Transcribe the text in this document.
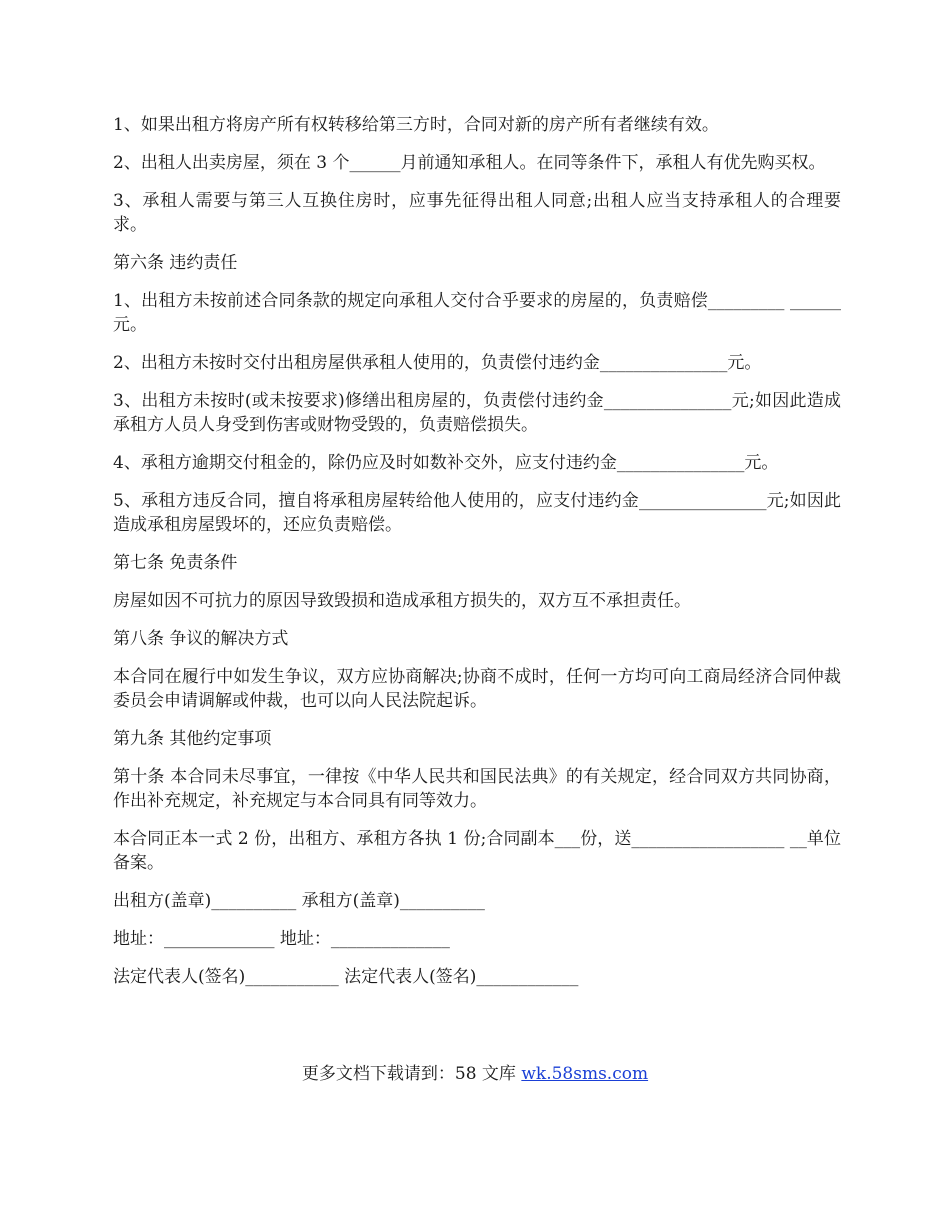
1、如果出租方将房产所有权转移给第三方时，合同对新的房产所有者继续有效。

2、出租人出卖房屋，须在 3 个______月前通知承租人。在同等条件下，承租人有优先购买权。

3、承租人需要与第三人互换住房时，应事先征得出租人同意;出租人应当支持承租人的合理要求。

第六条 违约责任

1、出租方未按前述合同条款的规定向承租人交付合乎要求的房屋的，负责赔偿_________ ______元。

2、出租方未按时交付出租房屋供承租人使用的，负责偿付违约金_______________元。

3、出租方未按时(或未按要求)修缮出租房屋的，负责偿付违约金_______________元;如因此造成承租方人员人身受到伤害或财物受毁的，负责赔偿损失。

4、承租方逾期交付租金的，除仍应及时如数补交外，应支付违约金_______________元。

5、承租方违反合同，擅自将承租房屋转给他人使用的，应支付违约金_______________元;如因此造成承租房屋毁坏的，还应负责赔偿。

第七条 免责条件

房屋如因不可抗力的原因导致毁损和造成承租方损失的，双方互不承担责任。

第八条 争议的解决方式

本合同在履行中如发生争议，双方应协商解决;协商不成时，任何一方均可向工商局经济合同仲裁委员会申请调解或仲裁，也可以向人民法院起诉。

第九条 其他约定事项

第十条 本合同未尽事宜，一律按《中华人民共和国民法典》的有关规定，经合同双方共同协商，作出补充规定，补充规定与本合同具有同等效力。

本合同正本一式 2 份，出租方、承租方各执 1 份;合同副本___份，送__________________ __单位备案。

出租方(盖章)__________ 承租方(盖章)__________

地址：_____________ 地址：______________

法定代表人(签名)___________ 法定代表人(签名)____________

更多文档下载请到：58 文库 wk.58sms.com
